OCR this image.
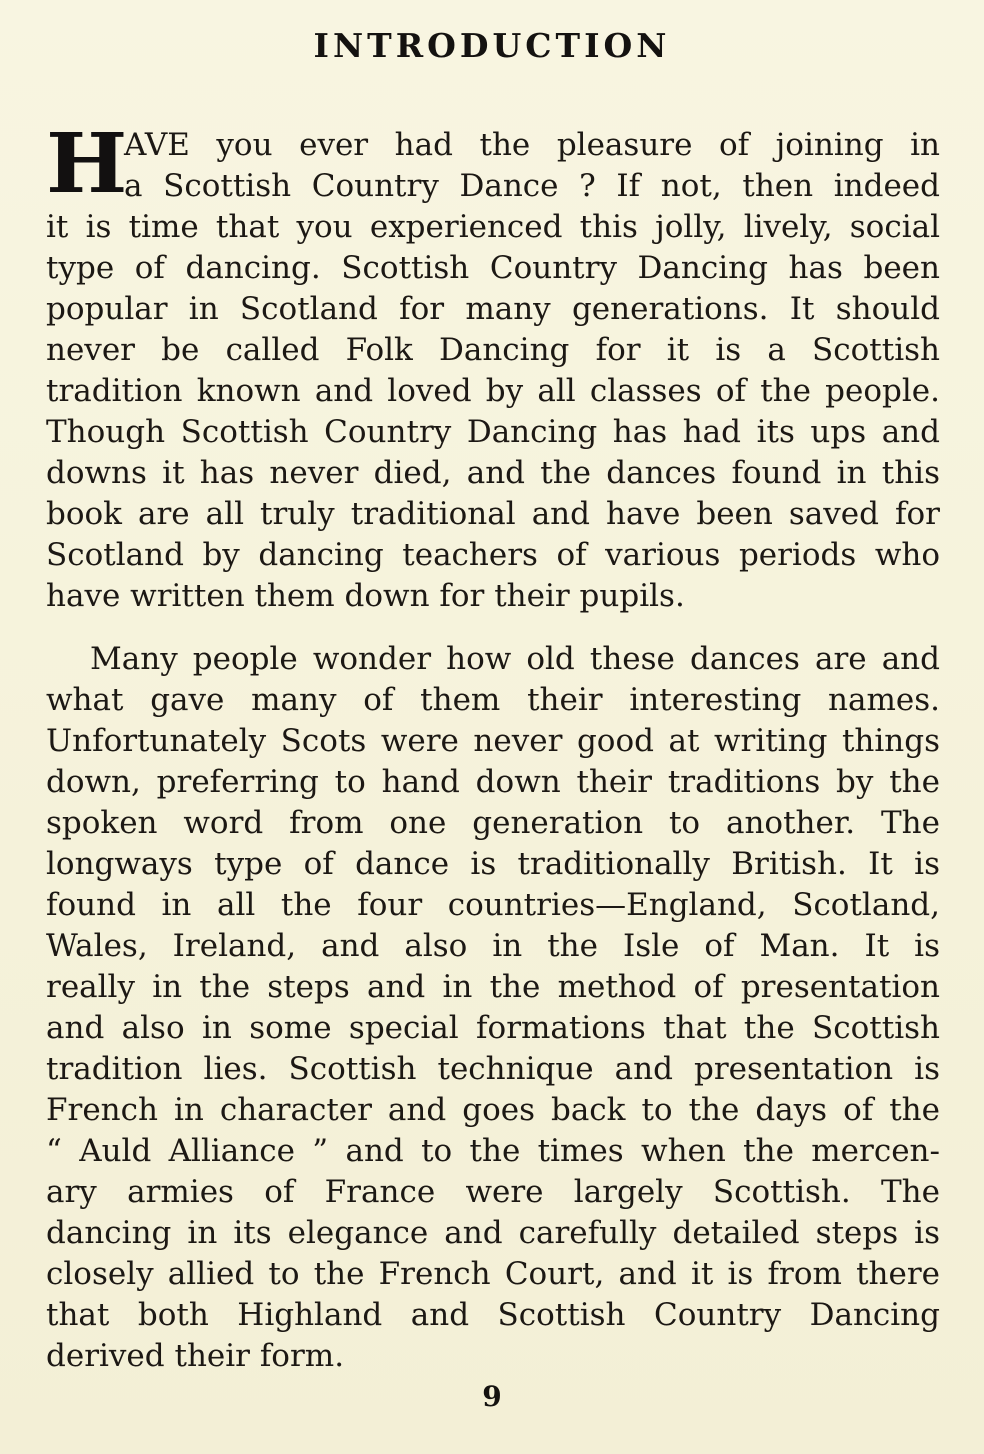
INTRODUCTION
H
AVE you ever had the pleasure of joining in
a Scottish Country Dance ? If not, then indeed
it is time that you experienced this jolly, lively, social
type of dancing. Scottish Country Dancing has been
popular in Scotland for many generations. It should
never be called Folk Dancing for it is a Scottish
tradition known and loved by all classes of the people.
Though Scottish Country Dancing has had its ups and
downs it has never died, and the dances found in this
book are all truly traditional and have been saved for
Scotland by dancing teachers of various periods who
have written them down for their pupils.
Many people wonder how old these dances are and
what gave many of them their interesting names.
Unfortunately Scots were never good at writing things
down, preferring to hand down their traditions by the
spoken word from one generation to another. The
longways type of dance is traditionally British. It is
found in all the four countries—England, Scotland,
Wales, Ireland, and also in the Isle of Man. It is
really in the steps and in the method of presentation
and also in some special formations that the Scottish
tradition lies. Scottish technique and presentation is
French in character and goes back to the days of the
“ Auld Alliance ” and to the times when the mercen-
ary armies of France were largely Scottish. The
dancing in its elegance and carefully detailed steps is
closely allied to the French Court, and it is from there
that both Highland and Scottish Country Dancing
derived their form.
9
